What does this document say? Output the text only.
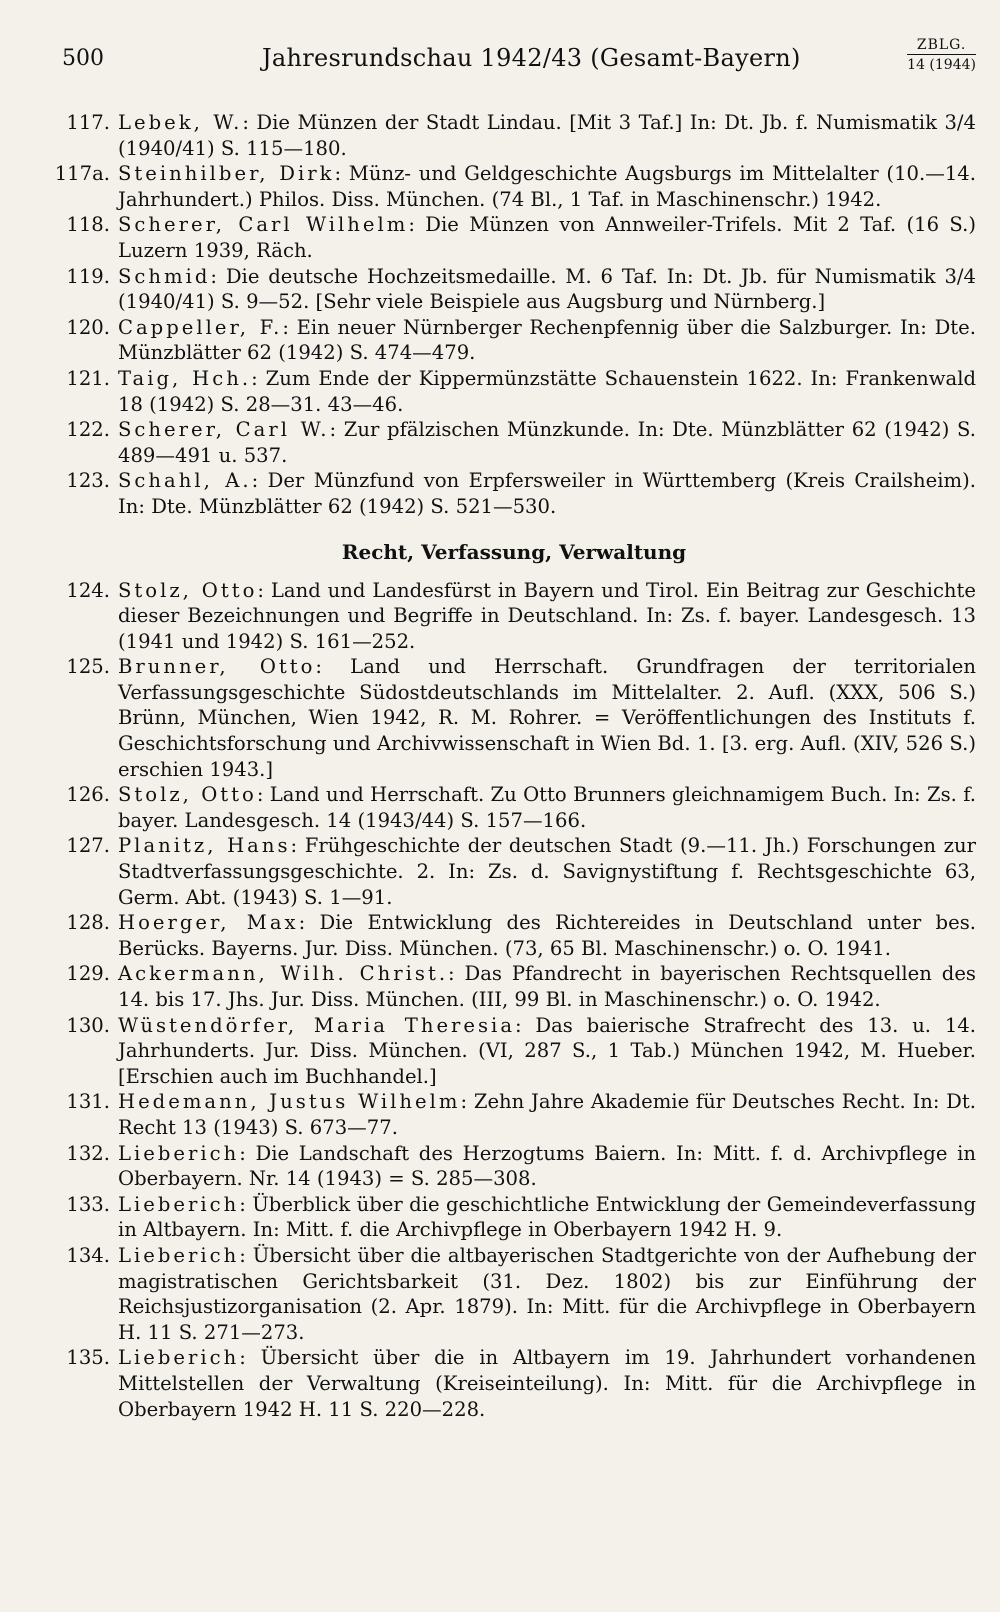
500	Jahresrundschau 1942/43 (Gesamt-Bayern)	ZBLG.
14 (1944)
117. Lebek, W.: Die Münzen der Stadt Lindau. [Mit 3 Taf.] In: Dt. Jb. f. Numismatik 3/4 (1940/41) S. 115—180.
117a. Steinhilber, Dirk: Münz- und Geldgeschichte Augsburgs im Mittelalter (10.—14. Jahrhundert.) Philos. Diss. München. (74 Bl., 1 Taf. in Maschinenschr.) 1942.
118. Scherer, Carl Wilhelm: Die Münzen von Annweiler-Trifels. Mit 2 Taf. (16 S.) Luzern 1939, Räch.
119. Schmid: Die deutsche Hochzeitsmedaille. M. 6 Taf. In: Dt. Jb. für Numismatik 3/4 (1940/41) S. 9—52. [Sehr viele Beispiele aus Augsburg und Nürnberg.]
120. Cappeller, F.: Ein neuer Nürnberger Rechenpfennig über die Salzburger. In: Dte. Münzblätter 62 (1942) S. 474—479.
121. Taig, Hch.: Zum Ende der Kippermünzstätte Schauenstein 1622. In: Frankenwald 18 (1942) S. 28—31. 43—46.
122. Scherer, Carl W.: Zur pfälzischen Münzkunde. In: Dte. Münzblätter 62 (1942) S. 489—491 u. 537.
123. Schahl, A.: Der Münzfund von Erpfersweiler in Württemberg (Kreis Crailsheim). In: Dte. Münzblätter 62 (1942) S. 521—530.
Recht, Verfassung, Verwaltung
124. Stolz, Otto: Land und Landesfürst in Bayern und Tirol. Ein Beitrag zur Geschichte dieser Bezeichnungen und Begriffe in Deutschland. In: Zs. f. bayer. Landesgesch. 13 (1941 und 1942) S. 161—252.
125. Brunner, Otto: Land und Herrschaft. Grundfragen der territorialen Verfassungsgeschichte Südostdeutschlands im Mittelalter. 2. Aufl. (XXX, 506 S.) Brünn, München, Wien 1942, R. M. Rohrer. = Veröffentlichungen des Instituts f. Geschichtsforschung und Archivwissenschaft in Wien Bd. 1. [3. erg. Aufl. (XIV, 526 S.) erschien 1943.]
126. Stolz, Otto: Land und Herrschaft. Zu Otto Brunners gleichnamigem Buch. In: Zs. f. bayer. Landesgesch. 14 (1943/44) S. 157—166.
127. Planitz, Hans: Frühgeschichte der deutschen Stadt (9.—11. Jh.) Forschungen zur Stadtverfassungsgeschichte. 2. In: Zs. d. Savignystiftung f. Rechtsgeschichte 63, Germ. Abt. (1943) S. 1—91.
128. Hoerger, Max: Die Entwicklung des Richtereides in Deutschland unter bes. Berücks. Bayerns. Jur. Diss. München. (73, 65 Bl. Maschinenschr.) o. O. 1941.
129. Ackermann, Wilh. Christ.: Das Pfandrecht in bayerischen Rechtsquellen des 14. bis 17. Jhs. Jur. Diss. München. (III, 99 Bl. in Maschinenschr.) o. O. 1942.
130. Wüstendörfer, Maria Theresia: Das baierische Strafrecht des 13. u. 14. Jahrhunderts. Jur. Diss. München. (VI, 287 S., 1 Tab.) München 1942, M. Hueber. [Erschien auch im Buchhandel.]
131. Hedemann, Justus Wilhelm: Zehn Jahre Akademie für Deutsches Recht. In: Dt. Recht 13 (1943) S. 673—77.
132. Lieberich: Die Landschaft des Herzogtums Baiern. In: Mitt. f. d. Archivpflege in Oberbayern. Nr. 14 (1943) = S. 285—308.
133. Lieberich: Überblick über die geschichtliche Entwicklung der Gemeindeverfassung in Altbayern. In: Mitt. f. die Archivpflege in Oberbayern 1942 H. 9.
134. Lieberich: Übersicht über die altbayerischen Stadtgerichte von der Aufhebung der magistratischen Gerichtsbarkeit (31. Dez. 1802) bis zur Einführung der Reichsjustizorganisation (2. Apr. 1879). In: Mitt. für die Archivpflege in Oberbayern H. 11 S. 271—273.
135. Lieberich: Übersicht über die in Altbayern im 19. Jahrhundert vorhandenen Mittelstellen der Verwaltung (Kreiseinteilung). In: Mitt. für die Archivpflege in Oberbayern 1942 H. 11 S. 220—228.
